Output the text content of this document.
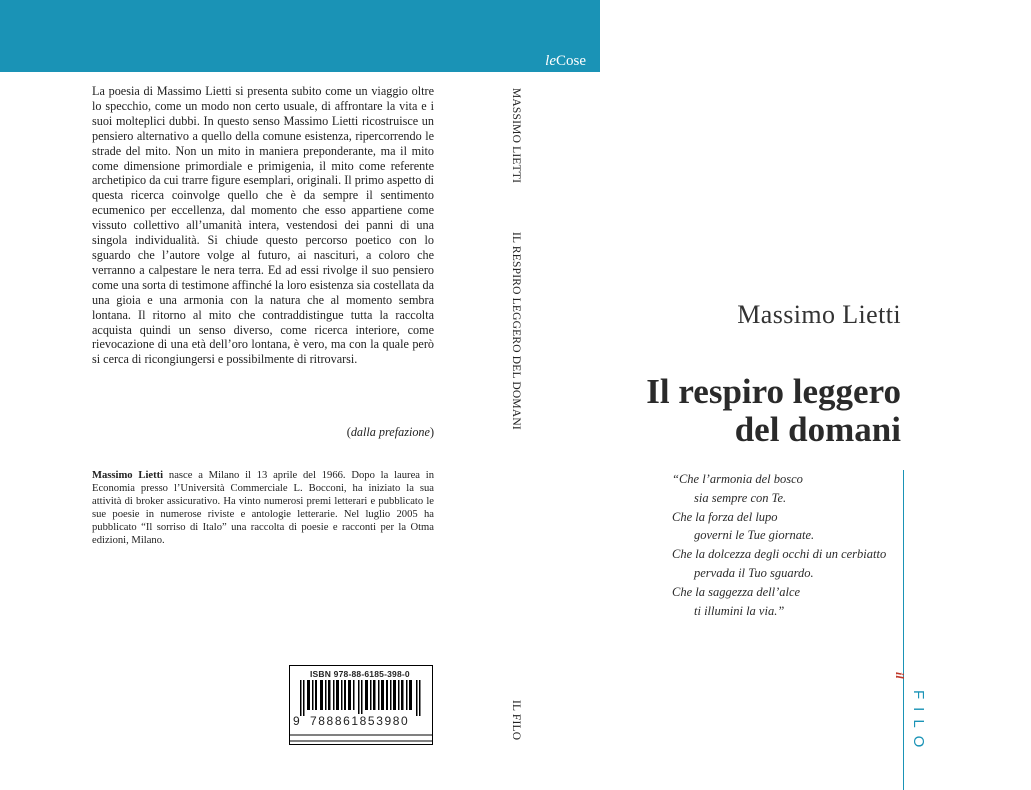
leCose

La poesia di Massimo Lietti si presenta subito come un viaggio oltre lo specchio, come un modo non certo usuale, di affrontare la vita e i suoi molteplici dubbi. In questo senso Massimo Lietti ricostruisce un pensiero alternativo a quello della comune esistenza, ripercorrendo le strade del mito. Non un mito in maniera preponderante, ma il mito come dimensione primordiale e primigenia, il mito come referente archetipico da cui trarre figure esemplari, originali. Il primo aspetto di questa ricerca coinvolge quello che è da sempre il sentimento ecumenico per eccellenza, dal momento che esso appartiene come vissuto collettivo all’umanità intera, vestendosi dei panni di una singola individualità. Si chiude questo percorso poetico con lo sguardo che l’autore volge al futuro, ai nascituri, a coloro che verranno a calpestare le nera terra. Ed ad essi rivolge il suo pensiero come una sorta di testimone affinché la loro esistenza sia costellata da una gioia e una armonia con la natura che al momento sembra lontana. Il ritorno al mito che contraddistingue tutta la raccolta acquista quindi un senso diverso, come ricerca interiore, come rievocazione di una età dell’oro lontana, è vero, ma con la quale però si cerca di ricongiungersi e possibilmente di ritrovarsi.

(dalla prefazione)
Massimo Lietti nasce a Milano il 13 aprile del 1966. Dopo la laurea in Economia presso l’Università Commerciale L. Bocconi, ha iniziato la sua attività di broker assicurativo. Ha vinto numerosi premi letterari e pubblicato le sue poesie in numerose riviste e antologie letterarie. Nel luglio 2005 ha pubblicato “Il sorriso di Italo” una raccolta di poesie e racconti per la Otma edizioni, Milano.
MASSIMO LIETTI
IL RESPIRO LEGGERO DEL DOMANI
IL FILO
ISBN 978-88-6185-398-0
9 788861853980
Massimo Lietti
Il respiro leggero
del domani
“Che l’armonia del bosco
sia sempre con Te.
Che la forza del lupo
governi le Tue giornate.
Che la dolcezza degli occhi di un cerbiatto
pervada il Tuo sguardo.
Che la saggezza dell’alce
ti illumini la via.”
il
FILO
